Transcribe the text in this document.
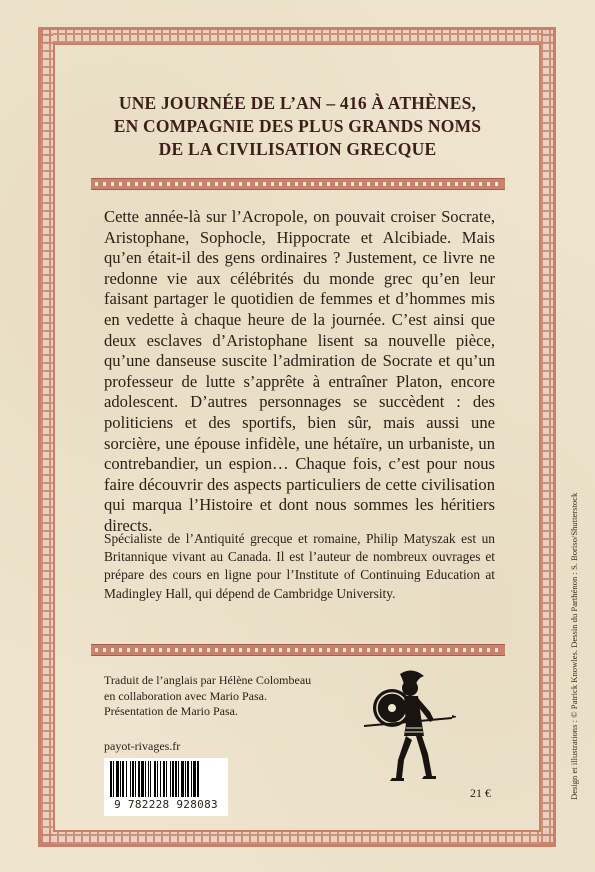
UNE JOURNÉE DE L’AN – 416 À ATHÈNES,
EN COMPAGNIE DES PLUS GRANDS NOMS
DE LA CIVILISATION GRECQUE

Cette année-là sur l’Acropole, on pouvait croiser Socrate, Aristophane, Sophocle, Hippocrate et Alcibiade. Mais qu’en était-il des gens ordinaires ? Justement, ce livre ne redonne vie aux célébrités du monde grec qu’en leur faisant partager le quotidien de femmes et d’hommes mis en vedette à chaque heure de la journée. C’est ainsi que deux esclaves d’Aristophane lisent sa nouvelle pièce, qu’une danseuse suscite l’admiration de Socrate et qu’un professeur de lutte s’apprête à entraîner Platon, encore adolescent. D’autres personnages se succèdent : des politiciens et des sportifs, bien sûr, mais aussi une sorcière, une épouse infidèle, une hétaïre, un urbaniste, un contrebandier, un espion… Chaque fois, c’est pour nous faire découvrir des aspects particuliers de cette civilisation qui marqua l’Histoire et dont nous sommes les héritiers directs.

Spécialiste de l’Antiquité grecque et romaine, Philip Matyszak est un Britannique vivant au Canada. Il est l’auteur de nombreux ouvrages et prépare des cours en ligne pour l’Institute of Continuing Education at Madingley Hall, qui dépend de Cambridge University.

Traduit de l’anglais par Hélène Colombeau
en collaboration avec Mario Pasa.
Présentation de Mario Pasa.
payot-rivages.fr
9 782228 928083
21 €	Design et illustrations : © Patrick Knowles. Dessin du Parthénon : S. Boriso/Shutterstock
